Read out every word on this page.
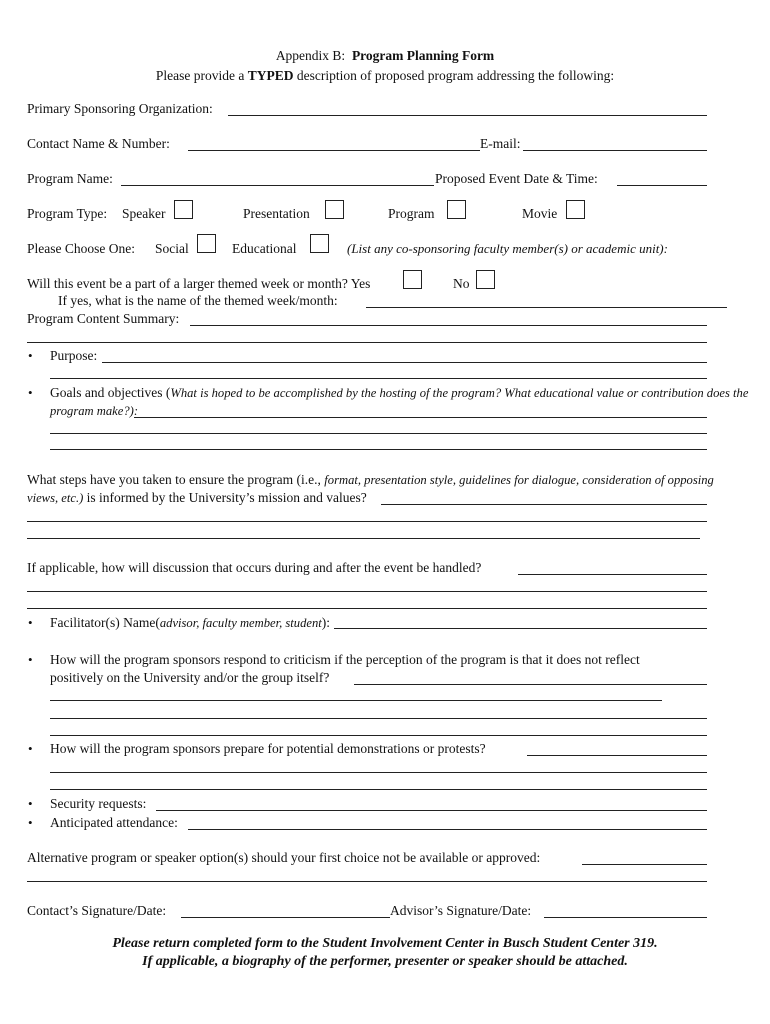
Appendix B: Program Planning Form
Please provide a TYPED description of proposed program addressing the following:
Primary Sponsoring Organization:
Contact Name & Number:	E-mail:
Program Name:	Proposed Event Date & Time:
Program Type: Speaker	Presentation	Program	Movie
Please Choose One: Social	Educational	(List any co-sponsoring faculty member(s) or academic unit):
Will this event be a part of a larger themed week or month? Yes	No
If yes, what is the name of the themed week/month:
Program Content Summary:
• Purpose:
• Goals and objectives (What is hoped to be accomplished by the hosting of the program? What educational value or contribution does the
program make?):
What steps have you taken to ensure the program (i.e., format, presentation style, guidelines for dialogue, consideration of opposing
views, etc.) is informed by the University’s mission and values?
If applicable, how will discussion that occurs during and after the event be handled?
• Facilitator(s) Name(advisor, faculty member, student):
• How will the program sponsors respond to criticism if the perception of the program is that it does not reflect
positively on the University and/or the group itself?
• How will the program sponsors prepare for potential demonstrations or protests?
• Security requests:
• Anticipated attendance:
Alternative program or speaker option(s) should your first choice not be available or approved:
Contact’s Signature/Date:	Advisor’s Signature/Date:
Please return completed form to the Student Involvement Center in Busch Student Center 319.
If applicable, a biography of the performer, presenter or speaker should be attached.
